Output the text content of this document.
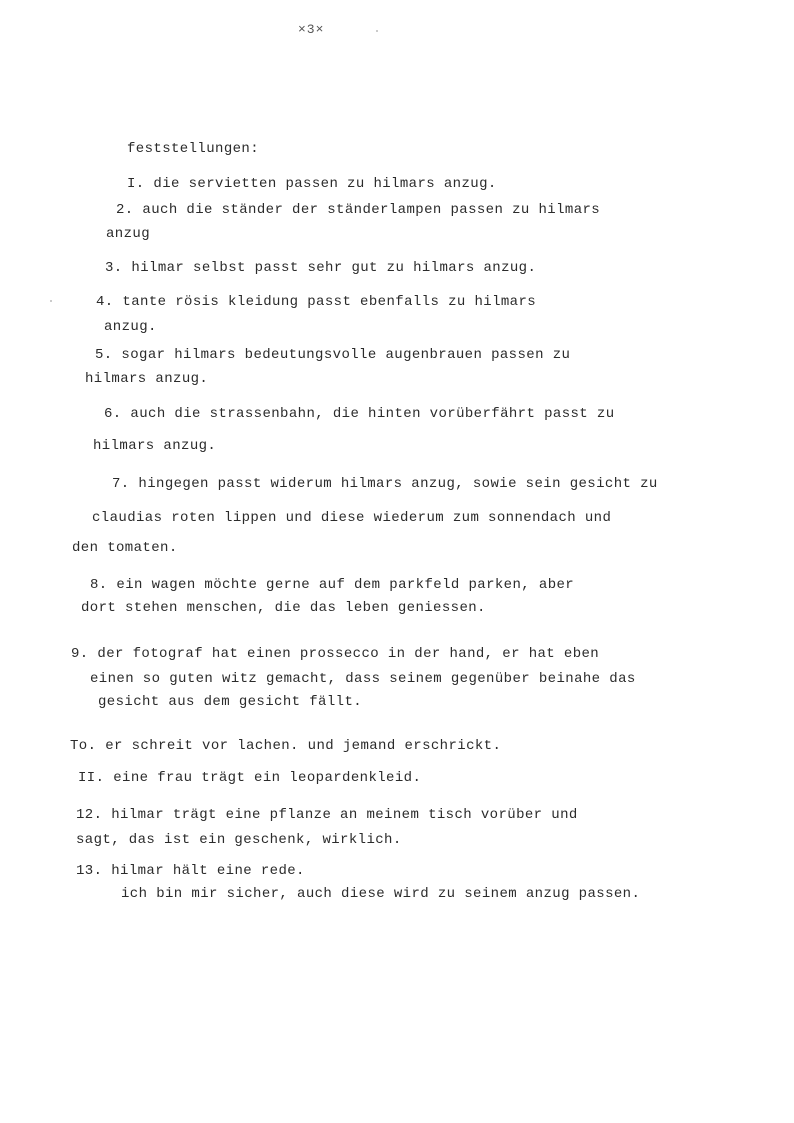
×3×
feststellungen:
I. die servietten passen zu hilmars anzug.
2. auch die ständer der ständerlampen passen zu hilmars
anzug
3. hilmar selbst passt sehr gut zu hilmars anzug.
4. tante rösis kleidung passt ebenfalls zu hilmars
anzug.
5. sogar hilmars bedeutungsvolle augenbrauen passen zu
hilmars anzug.
6. auch die strassenbahn, die hinten vorüberfährt passt zu
hilmars anzug.
7. hingegen passt widerum hilmars anzug, sowie sein gesicht zu
claudias roten lippen und diese wiederum zum sonnendach und
den tomaten.
8. ein wagen möchte gerne auf dem parkfeld parken, aber
dort stehen menschen, die das leben geniessen.
9. der fotograf hat einen prossecco in der hand, er hat eben
einen so guten witz gemacht, dass seinem gegenüber beinahe das
gesicht aus dem gesicht fällt.
To. er schreit vor lachen. und jemand erschrickt.
II. eine frau trägt ein leopardenkleid.
12. hilmar trägt eine pflanze an meinem tisch vorüber und
sagt, das ist ein geschenk, wirklich.
13. hilmar hält eine rede.
ich bin mir sicher, auch diese wird zu seinem anzug passen.
